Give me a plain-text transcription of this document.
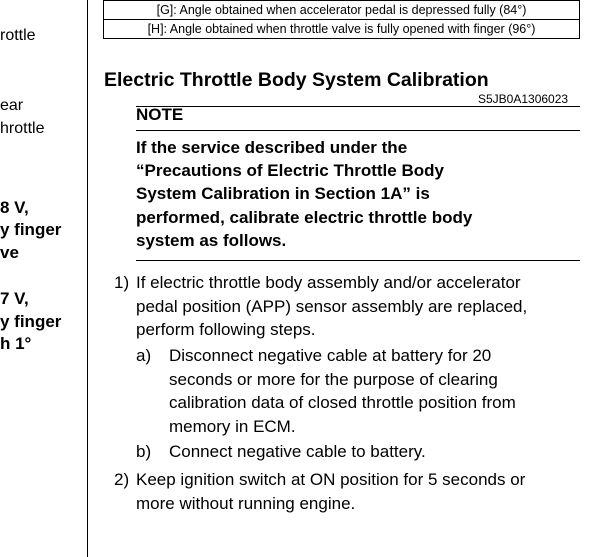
rottle
ear
hrottle
8 V,
y finger
ve
7 V,
y finger
h 1°
[G]: Angle obtained when accelerator pedal is depressed fully (84°)
[H]: Angle obtained when throttle valve is fully opened with finger (96°)
Electric Throttle Body System Calibration
S5JB0A1306023
NOTE
If the service described under the
“Precautions of Electric Throttle Body
System Calibration in Section 1A” is
performed, calibrate electric throttle body
system as follows.
1) If electric throttle body assembly and/or accelerator
pedal position (APP) sensor assembly are replaced,
perform following steps.
a) Disconnect negative cable at battery for 20
seconds or more for the purpose of clearing
calibration data of closed throttle position from
memory in ECM.
b) Connect negative cable to battery.
2) Keep ignition switch at ON position for 5 seconds or
more without running engine.
